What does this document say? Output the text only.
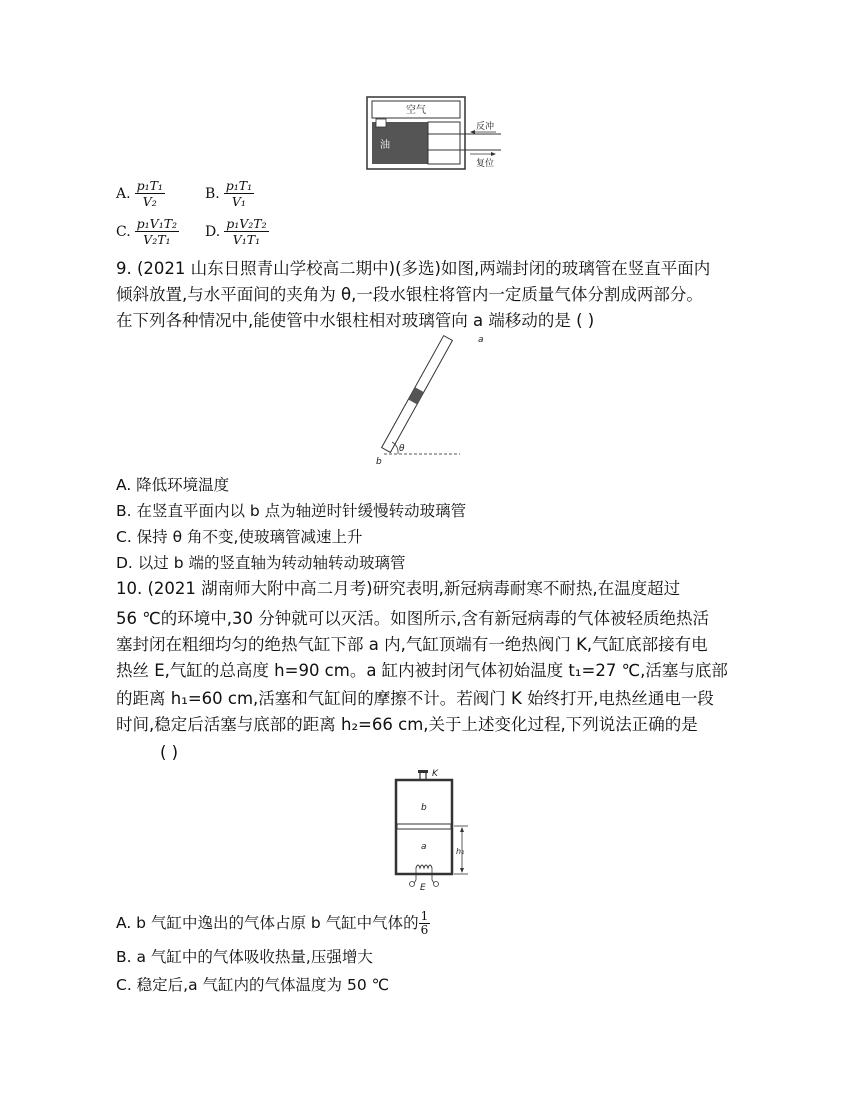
空气
油
反冲
复位
A. $\frac{\text{p₁T₁}}{\text{V₂}}$	B. $\frac{\text{p₁T₁}}{\text{V₁}}$
C. $\frac{\text{p₁V₁T₂}}{\text{V₂T₁}} D$. $\frac{\text{p₁V₂T₂}}{\text{V₁T₁}}$
9. (2021 山东日照青山学校高二期中)(多选)如图,两端封闭的玻璃管在竖直平面内
倾斜放置,与水平面间的夹角为 θ,一段水银柱将管内一定质量气体分割成两部分。
在下列各种情况中,能使管中水银柱相对玻璃管向 a 端移动的是 ( )
a
b
θ
A. 降低环境温度
B. 在竖直平面内以 b 点为轴逆时针缓慢转动玻璃管
C. 保持 θ 角不变,使玻璃管减速上升
D. 以过 b 端的竖直轴为转动轴转动玻璃管
10. (2021 湖南师大附中高二月考)研究表明,新冠病毒耐寒不耐热,在温度超过
56 ℃的环境中,30 分钟就可以灭活。如图所示,含有新冠病毒的气体被轻质绝热活
塞封闭在粗细均匀的绝热气缸下部 a 内,气缸顶端有一绝热阀门 K,气缸底部接有电
热丝 E,气缸的总高度 h=90 cm。a 缸内被封闭气体初始温度 t₁=27 ℃,活塞与底部
的距离 h₁=60 cm,活塞和气缸间的摩擦不计。若阀门 K 始终打开,电热丝通电一段
时间,稳定后活塞与底部的距离 h₂=66 cm,关于上述变化过程,下列说法正确的是
( )
K
b
a
E
h₁
A. b 气缸中逸出的气体占原 b 气缸中气体的 $\frac{1}{6}$
B. a 气缸中的气体吸收热量,压强增大
C. 稳定后,a 气缸内的气体温度为 50 ℃
